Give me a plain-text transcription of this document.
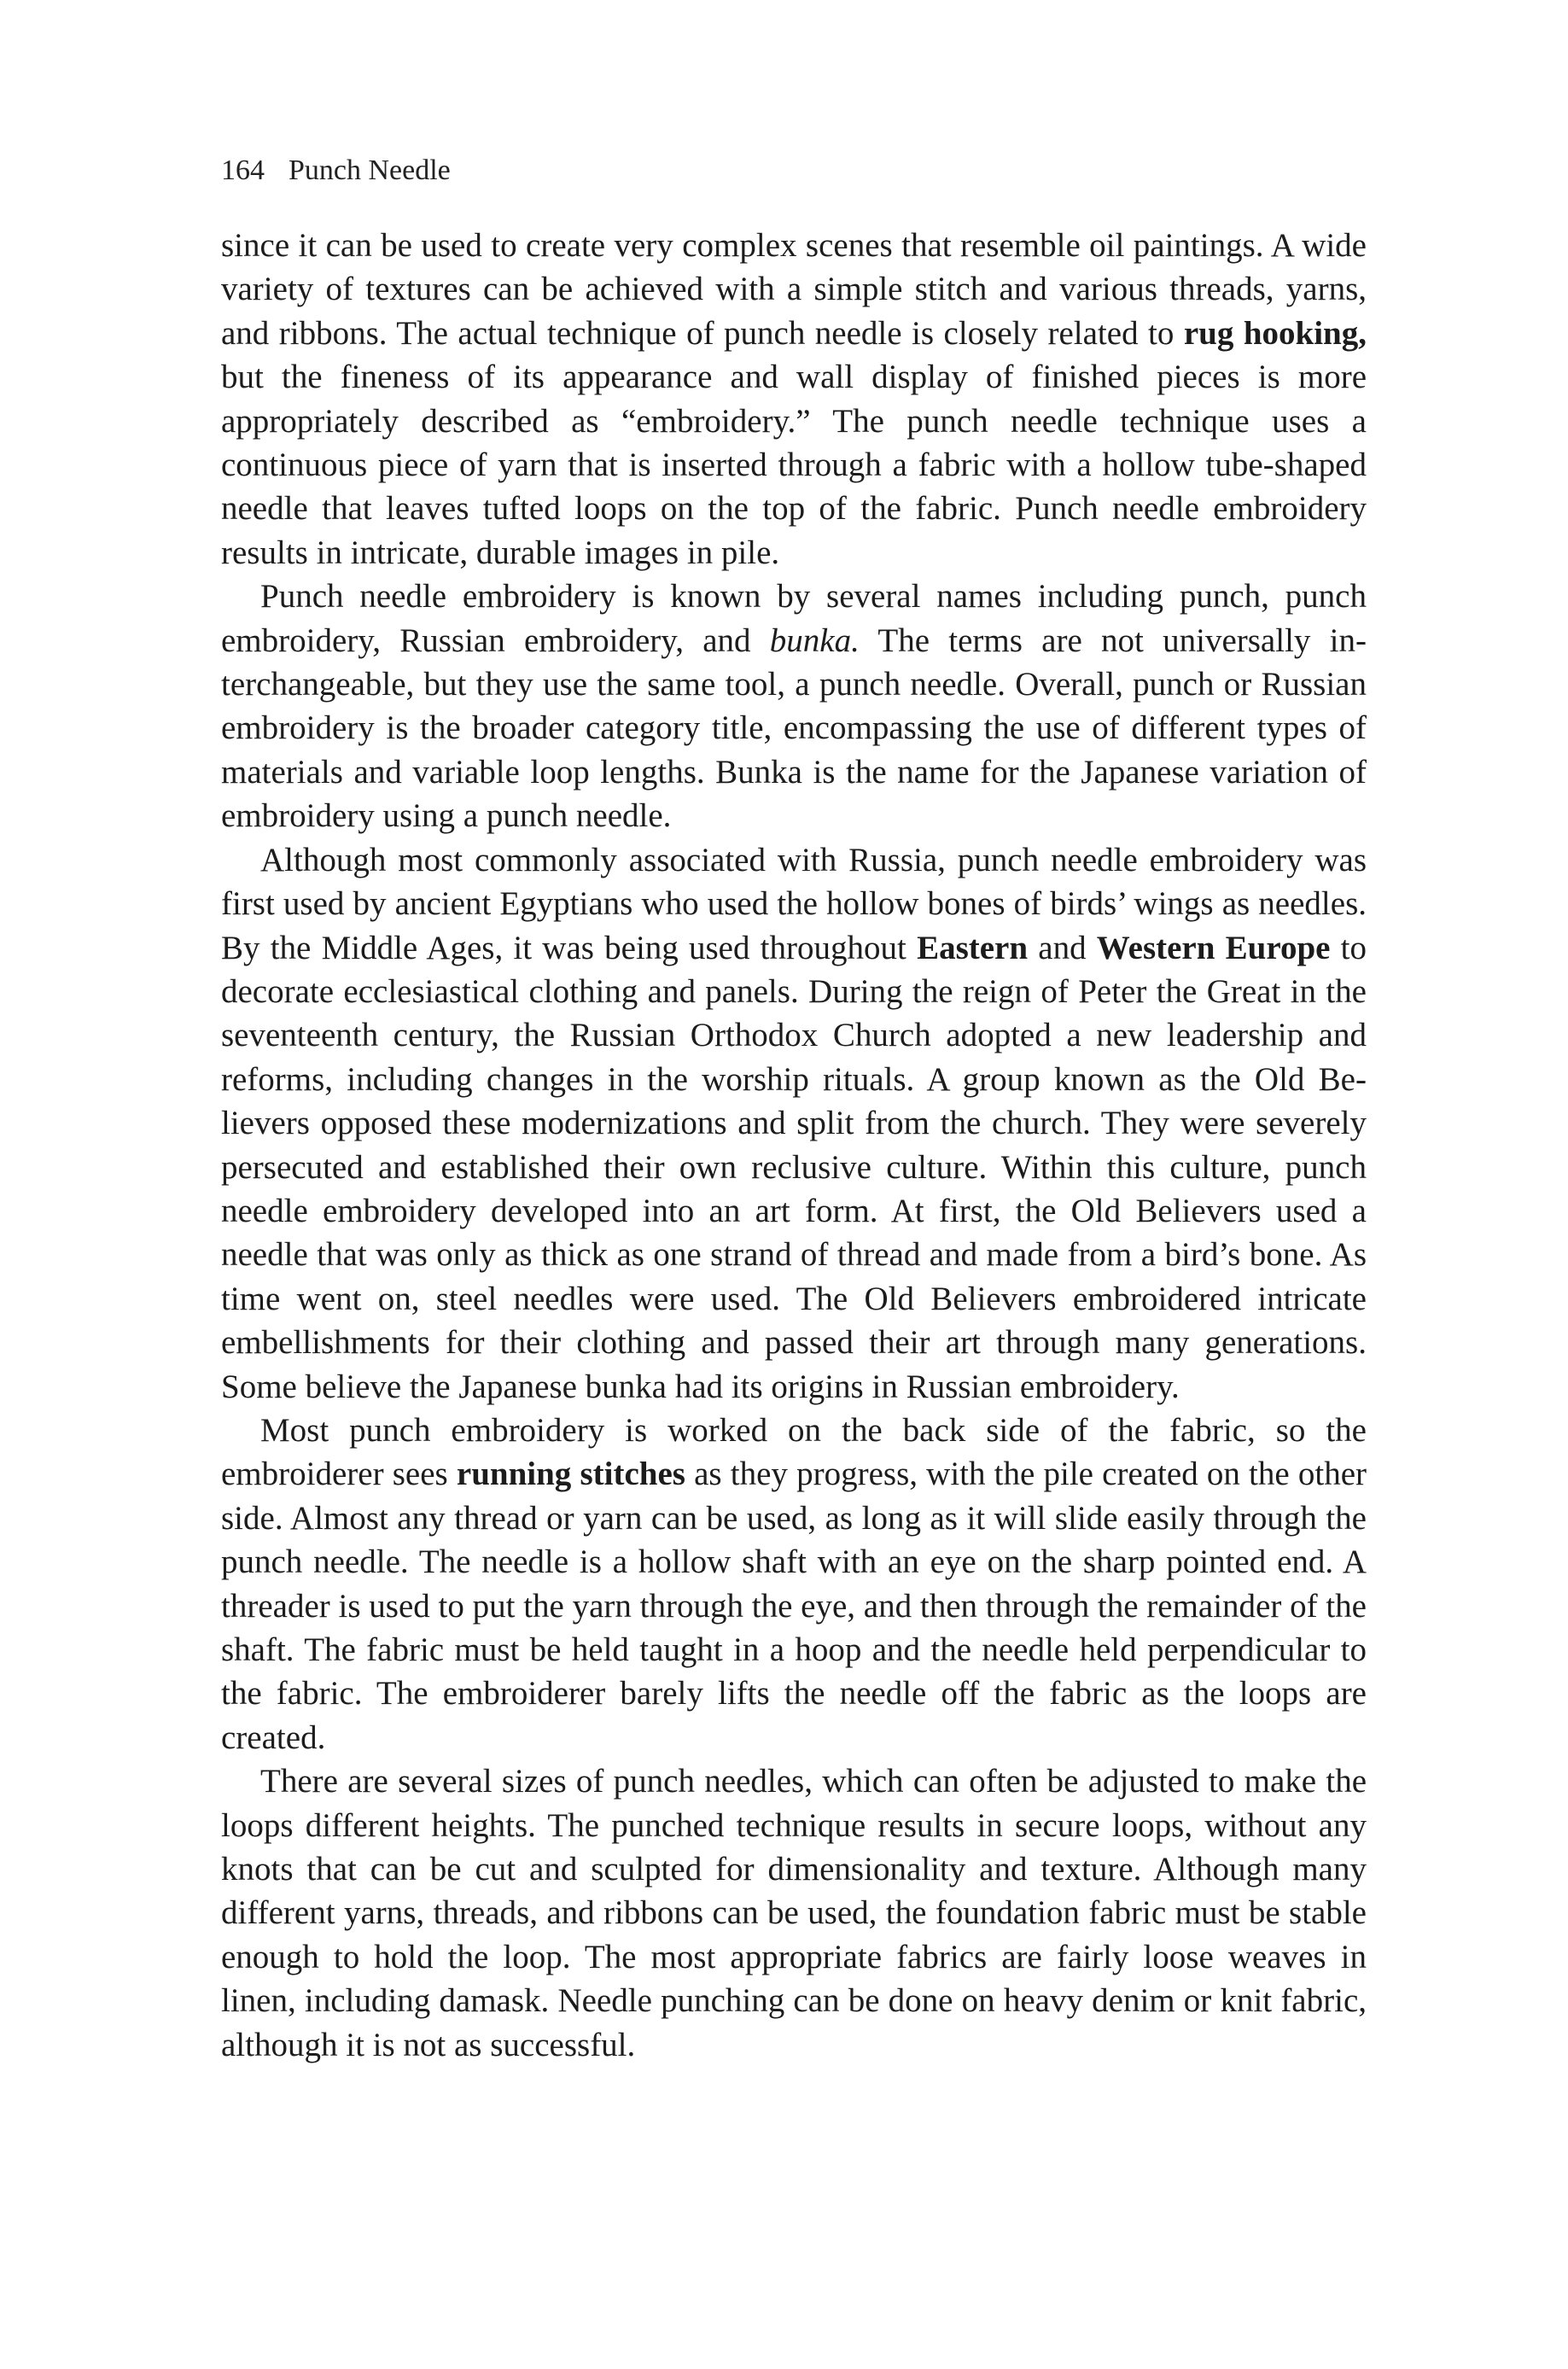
164 Punch Needle

since it can be used to create very complex scenes that resemble oil paintings. A wide variety of textures can be achieved with a simple stitch and various threads, yarns, and ribbons. The actual technique of punch needle is closely related to rug hooking, but the fineness of its appearance and wall display of finished pieces is more appropriately described as “embroidery.” The punch needle technique uses a continuous piece of yarn that is inserted through a fabric with a hollow tube-shaped needle that leaves tufted loops on the top of the fabric. Punch needle embroidery results in intricate, durable images in pile.

Punch needle embroidery is known by several names including punch, punch embroidery, Russian embroidery, and bunka. The terms are not universally interchangeable, but they use the same tool, a punch needle. Overall, punch or Russian embroidery is the broader category title, encompassing the use of different types of materials and variable loop lengths. Bunka is the name for the Japanese variation of embroidery using a punch needle.

Although most commonly associated with Russia, punch needle embroidery was first used by ancient Egyptians who used the hollow bones of birds’ wings as needles. By the Middle Ages, it was being used throughout Eastern and Western Europe to decorate ecclesiastical clothing and panels. During the reign of Peter the Great in the seventeenth century, the Russian Orthodox Church adopted a new leadership and reforms, including changes in the worship rituals. A group known as the Old Believers opposed these modernizations and split from the church. They were severely persecuted and established their own reclusive culture. Within this culture, punch needle embroidery developed into an art form. At first, the Old Believers used a needle that was only as thick as one strand of thread and made from a bird’s bone. As time went on, steel needles were used. The Old Believers embroidered intricate embellishments for their clothing and passed their art through many generations. Some believe the Japanese bunka had its origins in Russian embroidery.

Most punch embroidery is worked on the back side of the fabric, so the embroiderer sees running stitches as they progress, with the pile created on the other side. Almost any thread or yarn can be used, as long as it will slide easily through the punch needle. The needle is a hollow shaft with an eye on the sharp pointed end. A threader is used to put the yarn through the eye, and then through the remainder of the shaft. The fabric must be held taught in a hoop and the needle held perpendicular to the fabric. The embroiderer barely lifts the needle off the fabric as the loops are created.

There are several sizes of punch needles, which can often be adjusted to make the loops different heights. The punched technique results in secure loops, without any knots that can be cut and sculpted for dimensionality and texture. Although many different yarns, threads, and ribbons can be used, the foundation fabric must be stable enough to hold the loop. The most appropriate fabrics are fairly loose weaves in linen, including damask. Needle punching can be done on heavy denim or knit fabric, although it is not as successful.
